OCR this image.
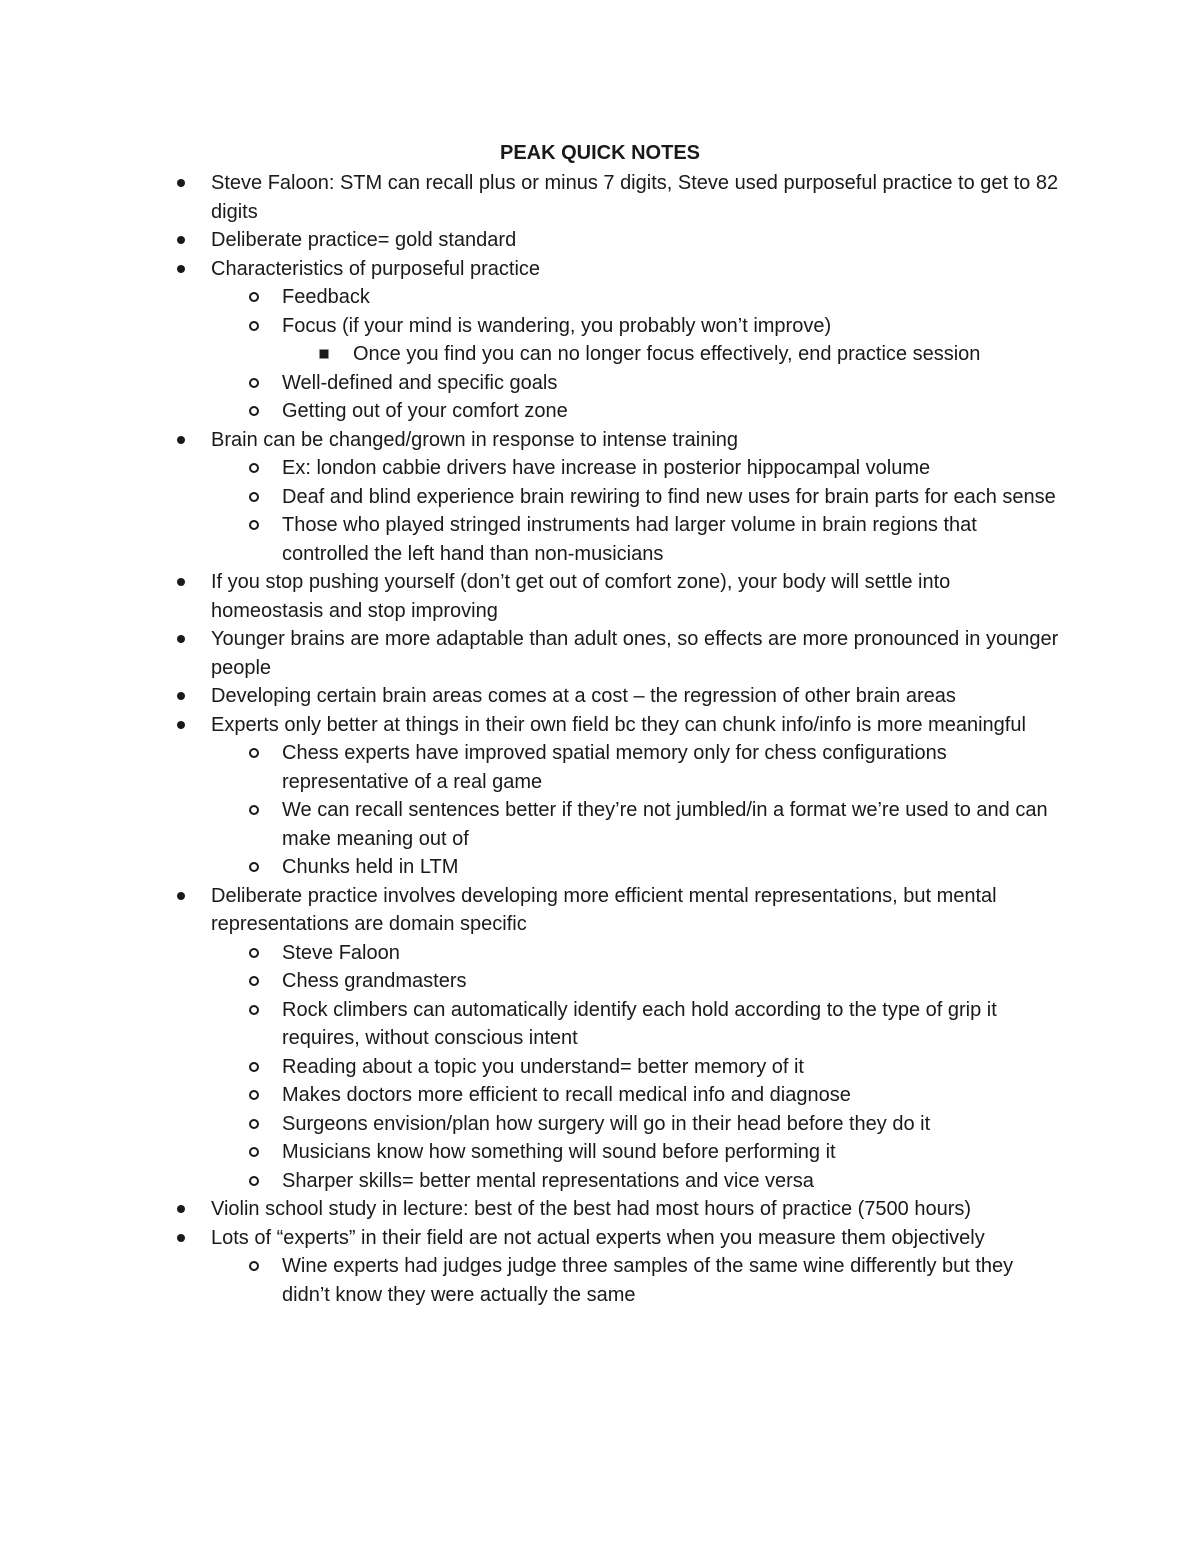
PEAK QUICK NOTES
Steve Faloon: STM can recall plus or minus 7 digits, Steve used purposeful practice to get to 82 digits
Deliberate practice= gold standard
Characteristics of purposeful practice
Feedback
Focus (if your mind is wandering, you probably won’t improve)
Once you find you can no longer focus effectively, end practice session
Well-defined and specific goals
Getting out of your comfort zone
Brain can be changed/grown in response to intense training
Ex: london cabbie drivers have increase in posterior hippocampal volume
Deaf and blind experience brain rewiring to find new uses for brain parts for each sense
Those who played stringed instruments had larger volume in brain regions that controlled the left hand than non-musicians
If you stop pushing yourself (don’t get out of comfort zone), your body will settle into homeostasis and stop improving
Younger brains are more adaptable than adult ones, so effects are more pronounced in younger people
Developing certain brain areas comes at a cost – the regression of other brain areas
Experts only better at things in their own field bc they can chunk info/info is more meaningful
Chess experts have improved spatial memory only for chess configurations representative of a real game
We can recall sentences better if they’re not jumbled/in a format we’re used to and can make meaning out of
Chunks held in LTM
Deliberate practice involves developing more efficient mental representations, but mental representations are domain specific
Steve Faloon
Chess grandmasters
Rock climbers can automatically identify each hold according to the type of grip it requires, without conscious intent
Reading about a topic you understand= better memory of it
Makes doctors more efficient to recall medical info and diagnose
Surgeons envision/plan how surgery will go in their head before they do it
Musicians know how something will sound before performing it
Sharper skills= better mental representations and vice versa
Violin school study in lecture: best of the best had most hours of practice (7500 hours)
Lots of “experts” in their field are not actual experts when you measure them objectively
Wine experts had judges judge three samples of the same wine differently but they didn’t know they were actually the same
